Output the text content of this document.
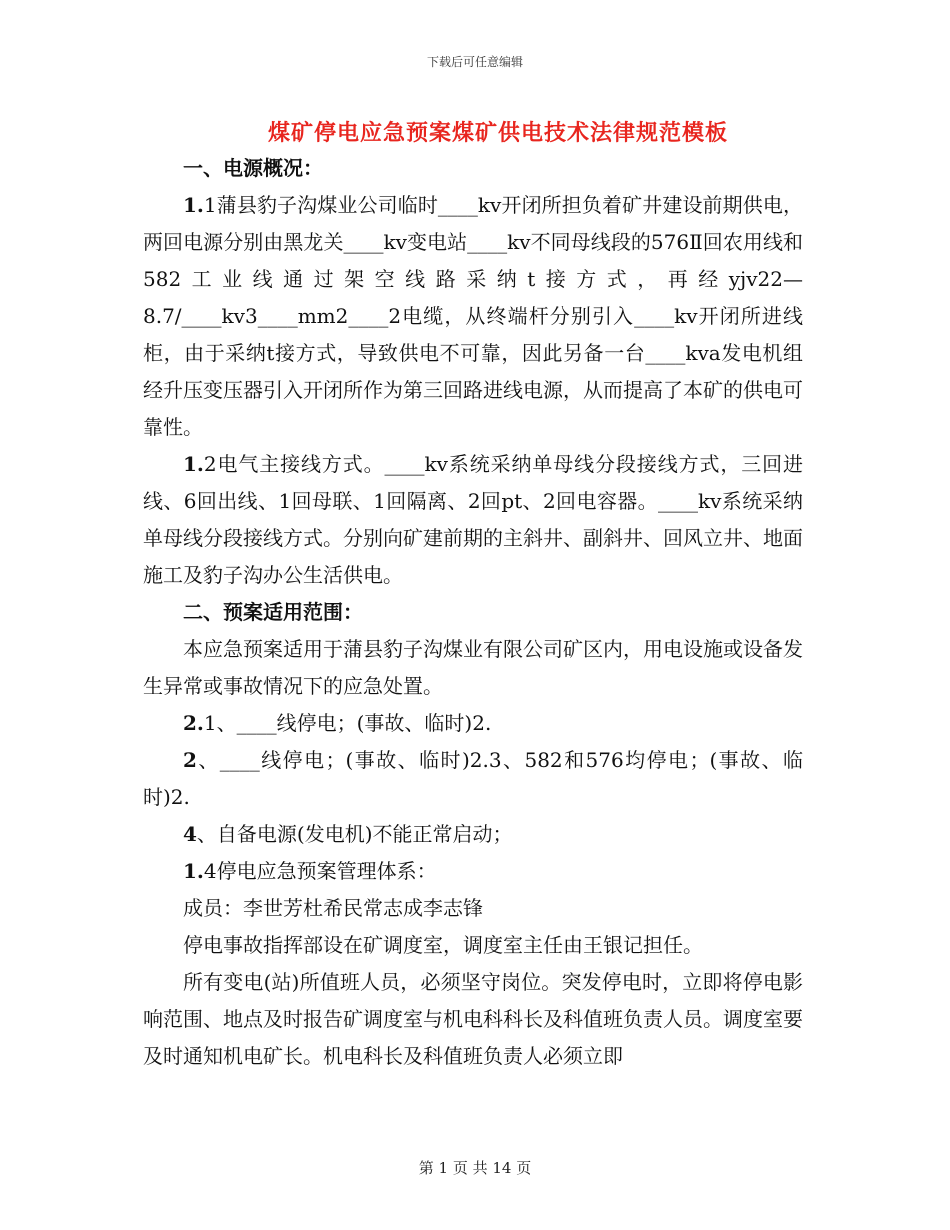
下载后可任意编辑
煤矿停电应急预案煤矿供电技术法律规范模板

一、电源概况：

1.1蒲县豹子沟煤业公司临时____kv开闭所担负着矿井建设前期供电，两回电源分别由黑龙关____kv变电站____kv不同母线段的576Ⅱ回农用线和582工业线通过架空线路采纳t接方式，再经yjv22—8.7/____kv3____mm2____2电缆，从终端杆分别引入____kv开闭所进线柜，由于采纳t接方式，导致供电不可靠，因此另备一台____kva发电机组经升压变压器引入开闭所作为第三回路进线电源，从而提高了本矿的供电可靠性。

1.2电气主接线方式。____kv系统采纳单母线分段接线方式，三回进线、6回出线、1回母联、1回隔离、2回pt、2回电容器。____kv系统采纳单母线分段接线方式。分别向矿建前期的主斜井、副斜井、回风立井、地面施工及豹子沟办公生活供电。

二、预案适用范围：

本应急预案适用于蒲县豹子沟煤业有限公司矿区内，用电设施或设备发生异常或事故情况下的应急处置。

2.1、____线停电；(事故、临时)2.

2、____线停电；(事故、临时)2.3、582和576均停电；(事故、临时)2.

4、自备电源(发电机)不能正常启动；

1.4停电应急预案管理体系：

成员：李世芳杜希民常志成李志锋

停电事故指挥部设在矿调度室，调度室主任由王银记担任。

所有变电(站)所值班人员，必须坚守岗位。突发停电时，立即将停电影响范围、地点及时报告矿调度室与机电科科长及科值班负责人员。调度室要及时通知机电矿长。机电科长及科值班负责人必须立即

第 1 页 共 14 页
